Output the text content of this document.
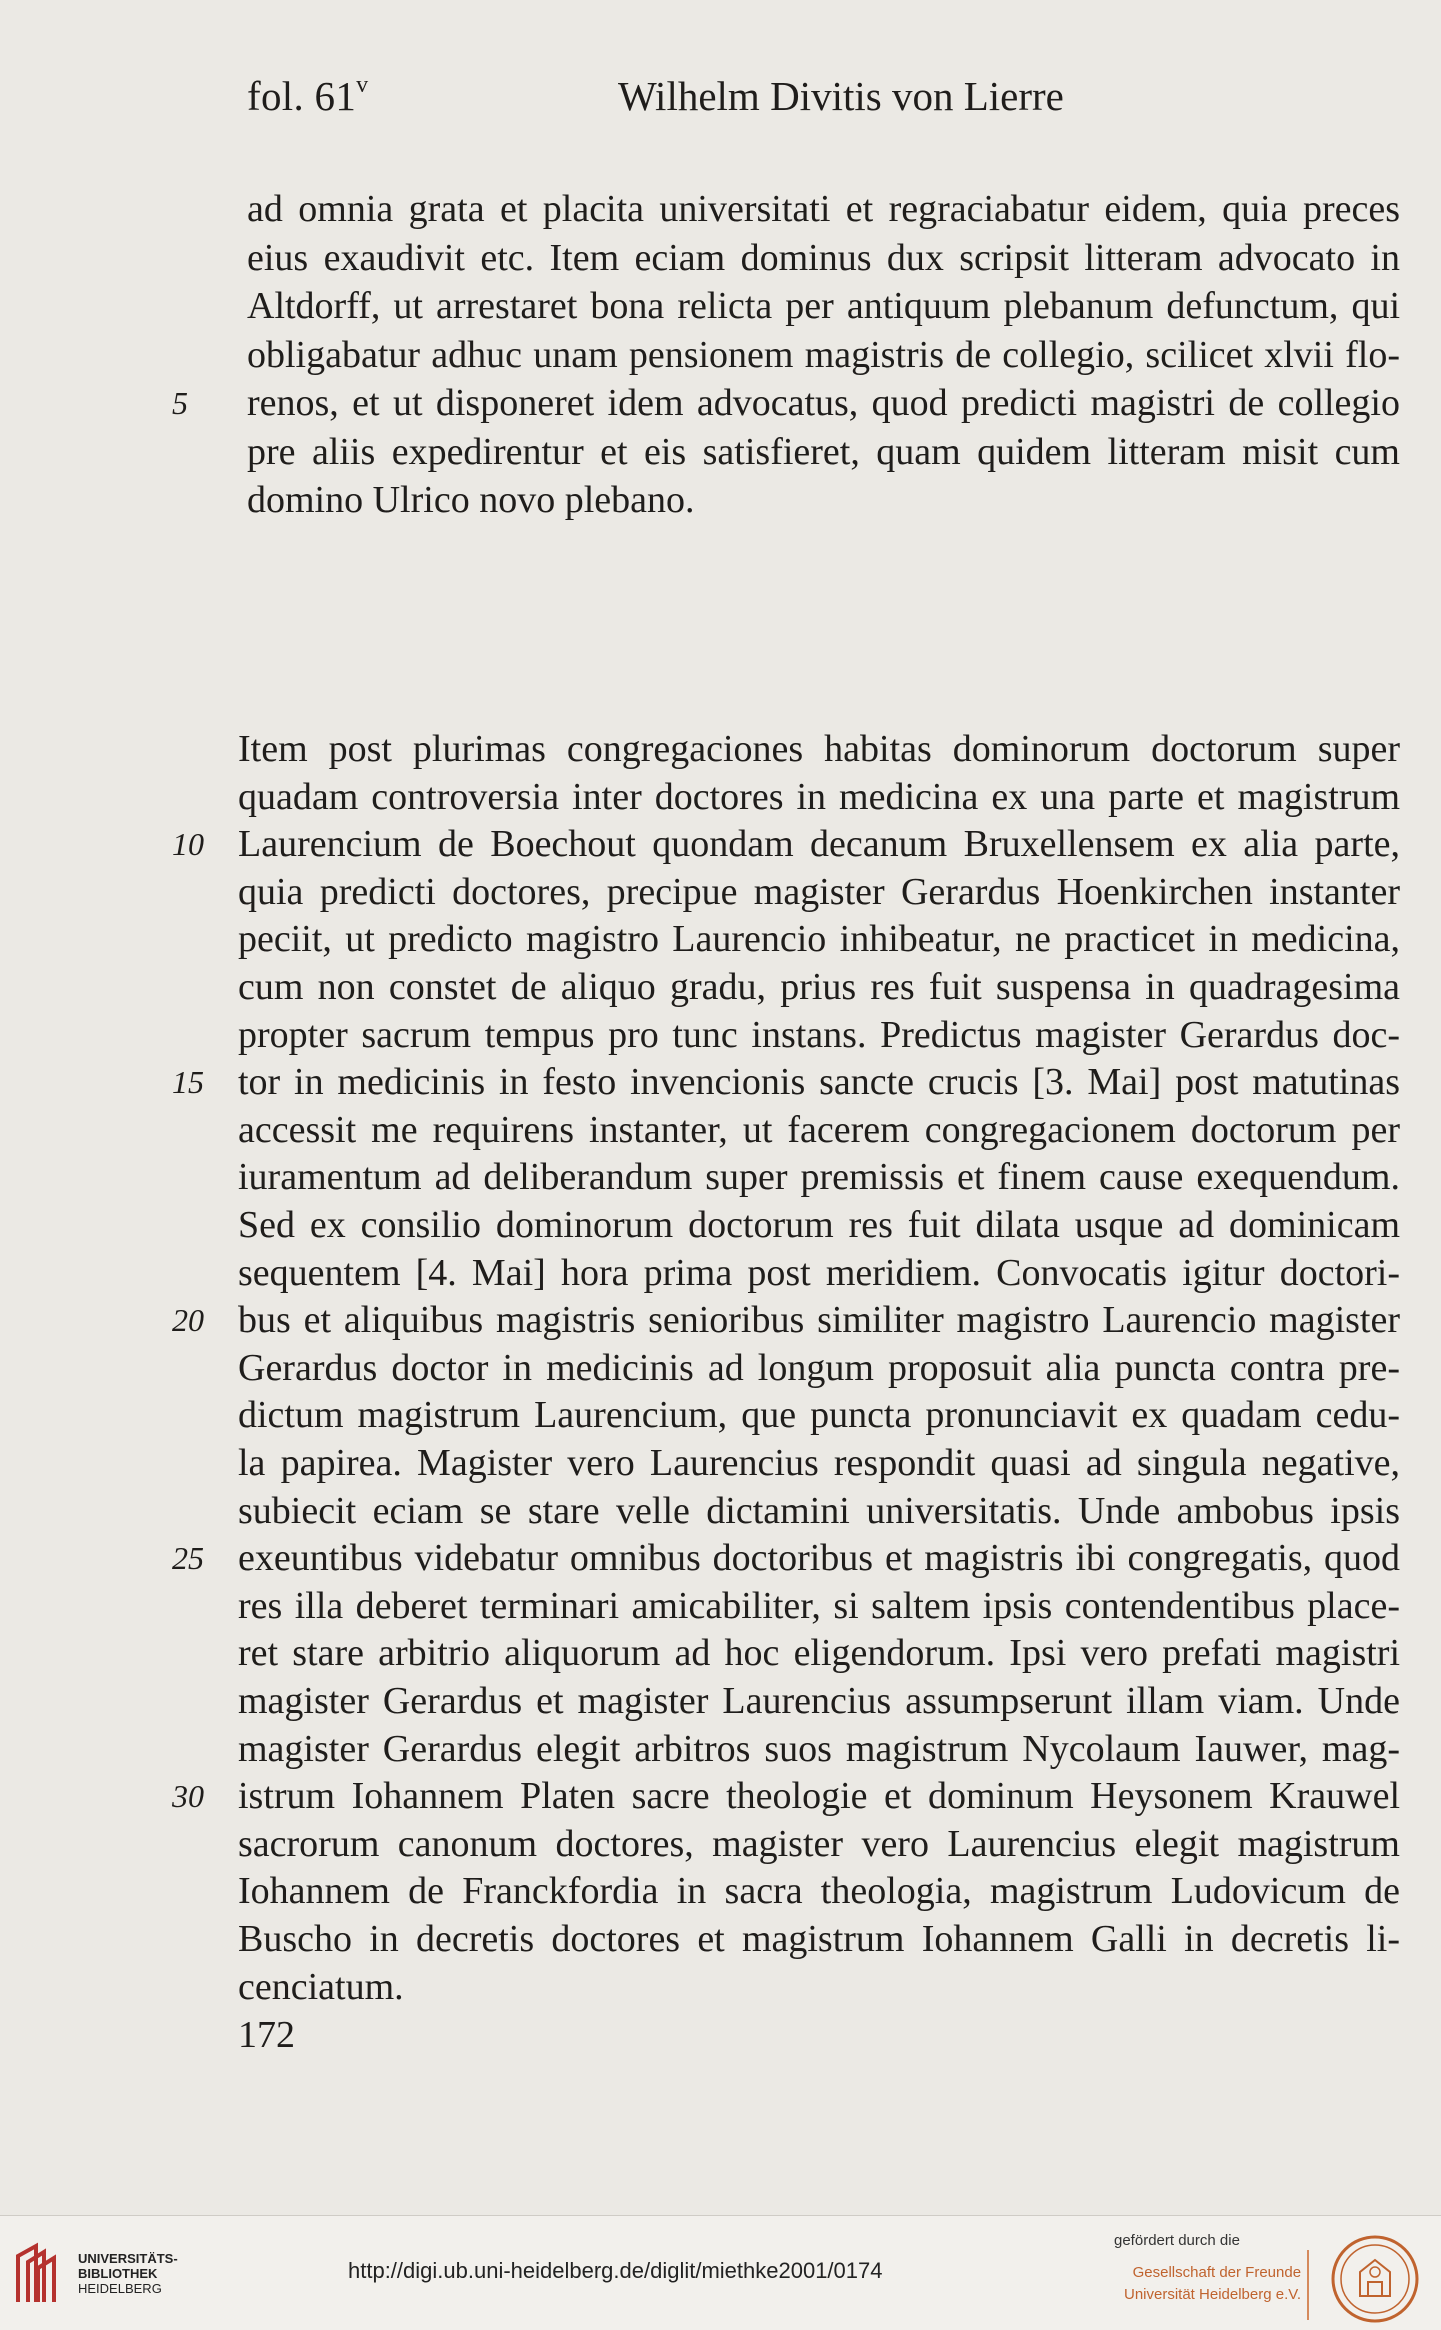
fol. 61$^v$	Wilhelm Divitis von Lierre
ad omnia grata et placita universitati et regraciabatur eidem, quia preces
eius exaudivit etc. Item eciam dominus dux scripsit litteram advocato in
Altdorff, ut arrestaret bona relicta per antiquum plebanum defunctum, qui
obligabatur adhuc unam pensionem magistris de collegio, scilicet xlvii flo-
renos, et ut disponeret idem advocatus, quod predicti magistri de collegio
pre aliis expedirentur et eis satisfieret, quam quidem litteram misit cum
domino Ulrico novo plebano.
5
Item post plurimas congregaciones habitas dominorum doctorum super
quadam controversia inter doctores in medicina ex una parte et magistrum
Laurencium de Boechout quondam decanum Bruxellensem ex alia parte,
quia predicti doctores, precipue magister Gerardus Hoenkirchen instanter
peciit, ut predicto magistro Laurencio inhibeatur, ne practicet in medicina,
cum non constet de aliquo gradu, prius res fuit suspensa in quadragesima
propter sacrum tempus pro tunc instans. Predictus magister Gerardus doc-
tor in medicinis in festo invencionis sancte crucis [3. Mai] post matutinas
accessit me requirens instanter, ut facerem congregacionem doctorum per
iuramentum ad deliberandum super premissis et finem cause exequendum.
Sed ex consilio dominorum doctorum res fuit dilata usque ad dominicam
sequentem [4. Mai] hora prima post meridiem. Convocatis igitur doctori-
bus et aliquibus magistris senioribus similiter magistro Laurencio magister
Gerardus doctor in medicinis ad longum proposuit alia puncta contra pre-
dictum magistrum Laurencium, que puncta pronunciavit ex quadam cedu-
la papirea. Magister vero Laurencius respondit quasi ad singula negative,
subiecit eciam se stare velle dictamini universitatis. Unde ambobus ipsis
exeuntibus videbatur omnibus doctoribus et magistris ibi congregatis, quod
res illa deberet terminari amicabiliter, si saltem ipsis contendentibus place-
ret stare arbitrio aliquorum ad hoc eligendorum. Ipsi vero prefati magistri
magister Gerardus et magister Laurencius assumpserunt illam viam. Unde
magister Gerardus elegit arbitros suos magistrum Nycolaum Iauwer, mag-
istrum Iohannem Platen sacre theologie et dominum Heysonem Krauwel
sacrorum canonum doctores, magister vero Laurencius elegit magistrum
Iohannem de Franckfordia in sacra theologia, magistrum Ludovicum de
Buscho in decretis doctores et magistrum Iohannem Galli in decretis li-
cenciatum.
10
15
20
25
30
172
UNIVERSITÄTS-
BIBLIOTHEK
HEIDELBERG
http://digi.ub.uni-heidelberg.de/diglit/miethke2001/0174
gefördert durch die
Gesellschaft der Freunde
Universität Heidelberg e.V.
